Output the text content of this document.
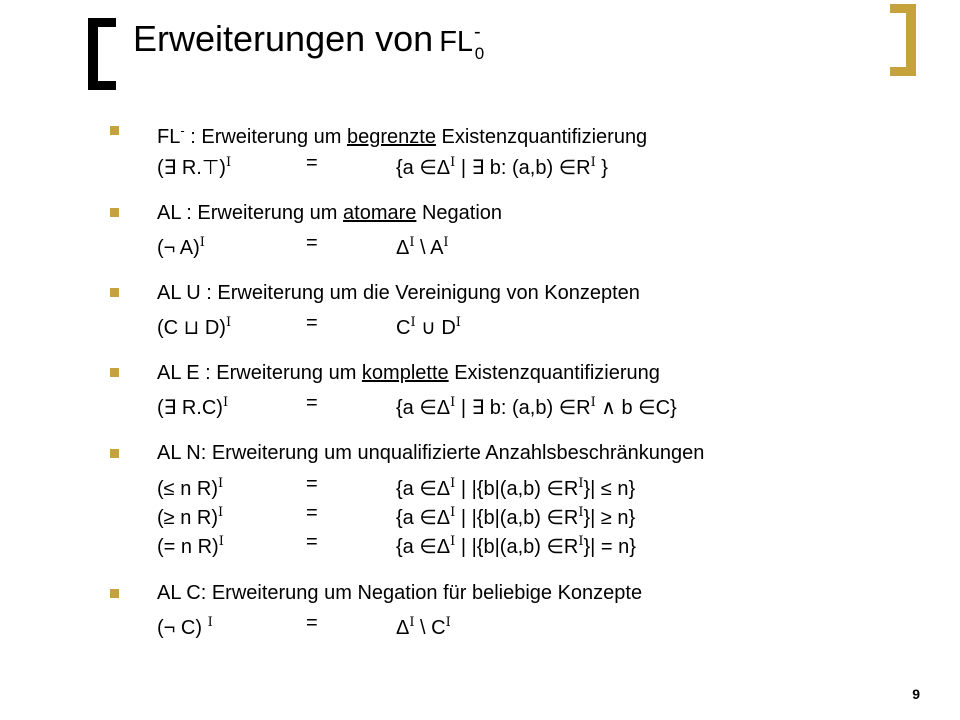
Erweiterungen von $FL^-_0$
FL- : Erweiterung um begrenzte Existenzquantifizierung
(∃ R.⊤)$^I$	=	{a $\in\Delta^I$ | ∃ b: (a,b) $\in R^I$ }
AL : Erweiterung um atomare Negation
(¬ A)$^I$	=	$\Delta^I$ \ $A^I$
AL U : Erweiterung um die Vereinigung von Konzepten
(C ⊔ D)$^I$	=	$C^I$ ∪ $D^I$
AL E : Erweiterung um komplette Existenzquantifizierung
(∃ R.C)$^I$	=	{a $\in\Delta^I$ | ∃ b: (a,b) $\in R^I$ ∧ b ∈C}
AL N: Erweiterung um unqualifizierte Anzahlsbeschränkungen
(≤ n R)$^I$	=	{a $\in\Delta^I$ | |{b|(a,b) $\in R^I\}| \le n$}
(≥ n R)$^I$	=	{a $\in\Delta^I$ | |{b|(a,b) $\in R^I\}| \ge n$}
(= n R)$^I$	=	{a $\in\Delta^I$ | |{b|(a,b) $\in R^I\}| = n$}
AL C: Erweiterung um Negation für beliebige Konzepte
(¬ C) $^I$	=	$\Delta^I$ \ $C^I$
9
